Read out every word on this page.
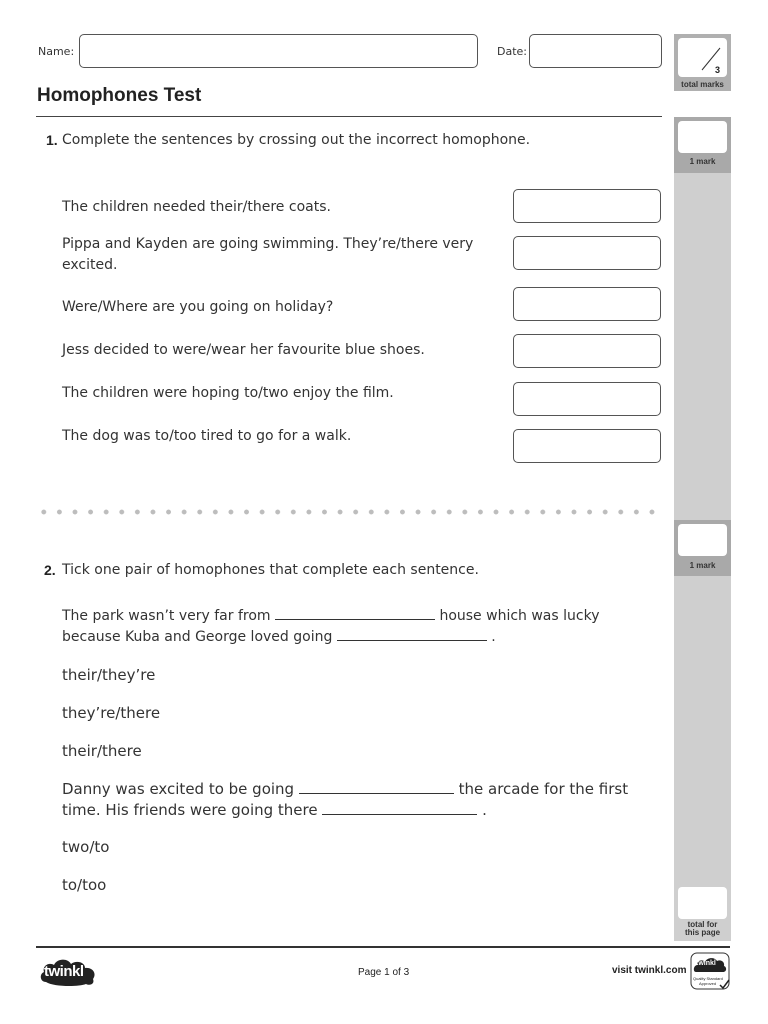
Name:	Date:
Homophones Test
3
total marks
1 mark
1 mark
total for
this page
1. Complete the sentences by crossing out the incorrect homophone.
The children needed their/there coats.
Pippa and Kayden are going swimming. They’re/there very excited.
Were/Where are you going on holiday?
Jess decided to were/wear her favourite blue shoes.
The children were hoping to/two enjoy the film.
The dog was to/too tired to go for a walk.
2. Tick one pair of homophones that complete each sentence.
The park wasn’t very far from	house which was lucky
because Kuba and George loved going	.
their/they’re
they’re/there
their/there
Danny was excited to be going	the arcade for the first
time. His friends were going there	.
two/to
to/too
twinkl	Page 1 of 3	visit twinkl.com
twinkl
Quality Standard
Approved
